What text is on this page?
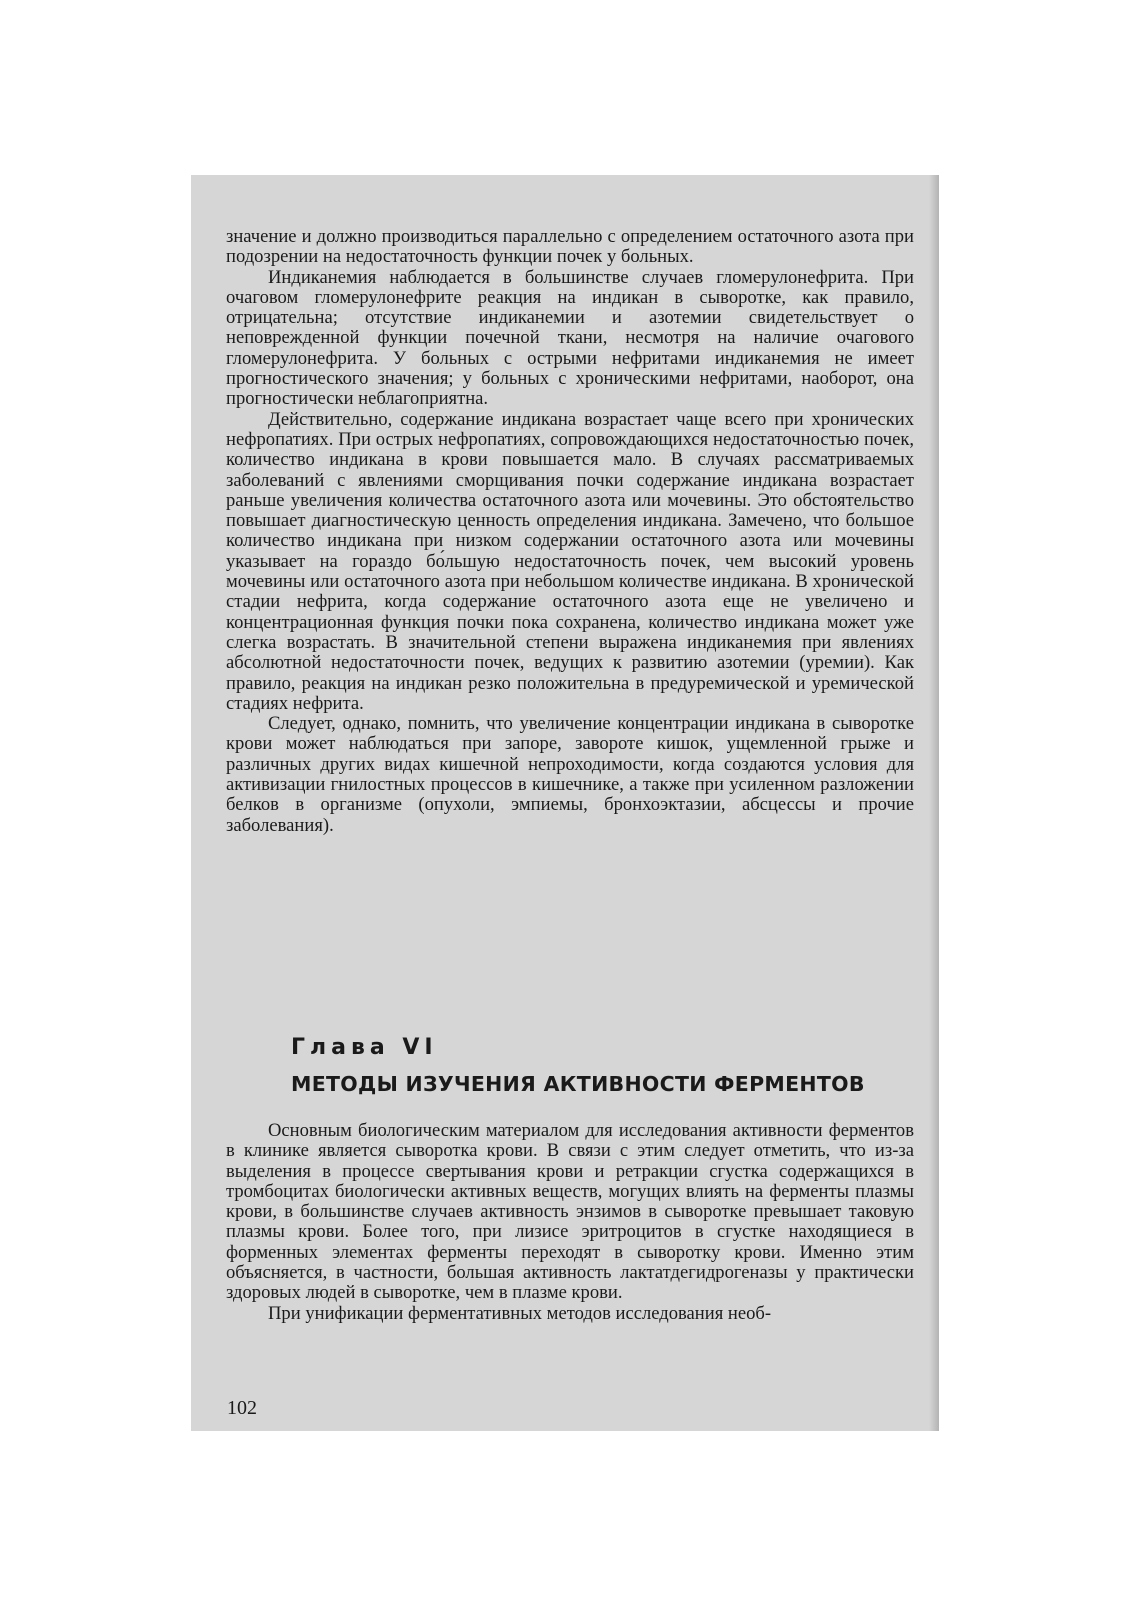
значение и должно производиться параллельно с определением остаточного азота при подозрении на недостаточность функции почек у больных.

Индиканемия наблюдается в большинстве случаев гломерулонефрита. При очаговом гломерулонефрите реакция на индикан в сыворотке, как правило, отрицательна; отсутствие индиканемии и азотемии свидетельствует о неповрежденной функции почечной ткани, несмотря на наличие очагового гломерулонефрита. У больных с острыми нефритами индиканемия не имеет прогностического значения; у больных с хроническими нефритами, наоборот, она прогностически неблагоприятна.

Действительно, содержание индикана возрастает чаще всего при хронических нефропатиях. При острых нефропатиях, сопровождающихся недостаточностью почек, количество индикана в крови повышается мало. В случаях рассматриваемых заболеваний с явлениями сморщивания почки содержание индикана возрастает раньше увеличения количества остаточного азота или мочевины. Это обстоятельство повышает диагностическую ценность определения индикана. Замечено, что большое количество индикана при низком содержании остаточного азота или мочевины указывает на гораздо бо́льшую недостаточность почек, чем высокий уровень мочевины или остаточного азота при небольшом количестве индикана. В хронической стадии нефрита, когда содержание остаточного азота еще не увеличено и концентрационная функция почки пока сохранена, количество индикана может уже слегка возрастать. В значительной степени выражена индиканемия при явлениях абсолютной недостаточности почек, ведущих к развитию азотемии (уремии). Как правило, реакция на индикан резко положительна в предуремической и уремической стадиях нефрита.

Следует, однако, помнить, что увеличение концентрации индикана в сыворотке крови может наблюдаться при запоре, завороте кишок, ущемленной грыже и различных других видах кишечной непроходимости, когда создаются условия для активизации гнилостных процессов в кишечнике, а также при усиленном разложении белков в организме (опухоли, эмпиемы, бронхоэктазии, абсцессы и прочие заболевания).

Глава VI
МЕТОДЫ ИЗУЧЕНИЯ АКТИВНОСТИ ФЕРМЕНТОВ

Основным биологическим материалом для исследования активности ферментов в клинике является сыворотка крови. В связи с этим следует отметить, что из-за выделения в процессе свертывания крови и ретракции сгустка содержащихся в тромбоцитах биологически активных веществ, могущих влиять на ферменты плазмы крови, в большинстве случаев активность энзимов в сыворотке превышает таковую плазмы крови. Более того, при лизисе эритроцитов в сгустке находящиеся в форменных элементах ферменты переходят в сыворотку крови. Именно этим объясняется, в частности, большая активность лактатдегидрогеназы у практически здоровых людей в сыворотке, чем в плазме крови.

При унификации ферментативных методов исследования необ-

102
